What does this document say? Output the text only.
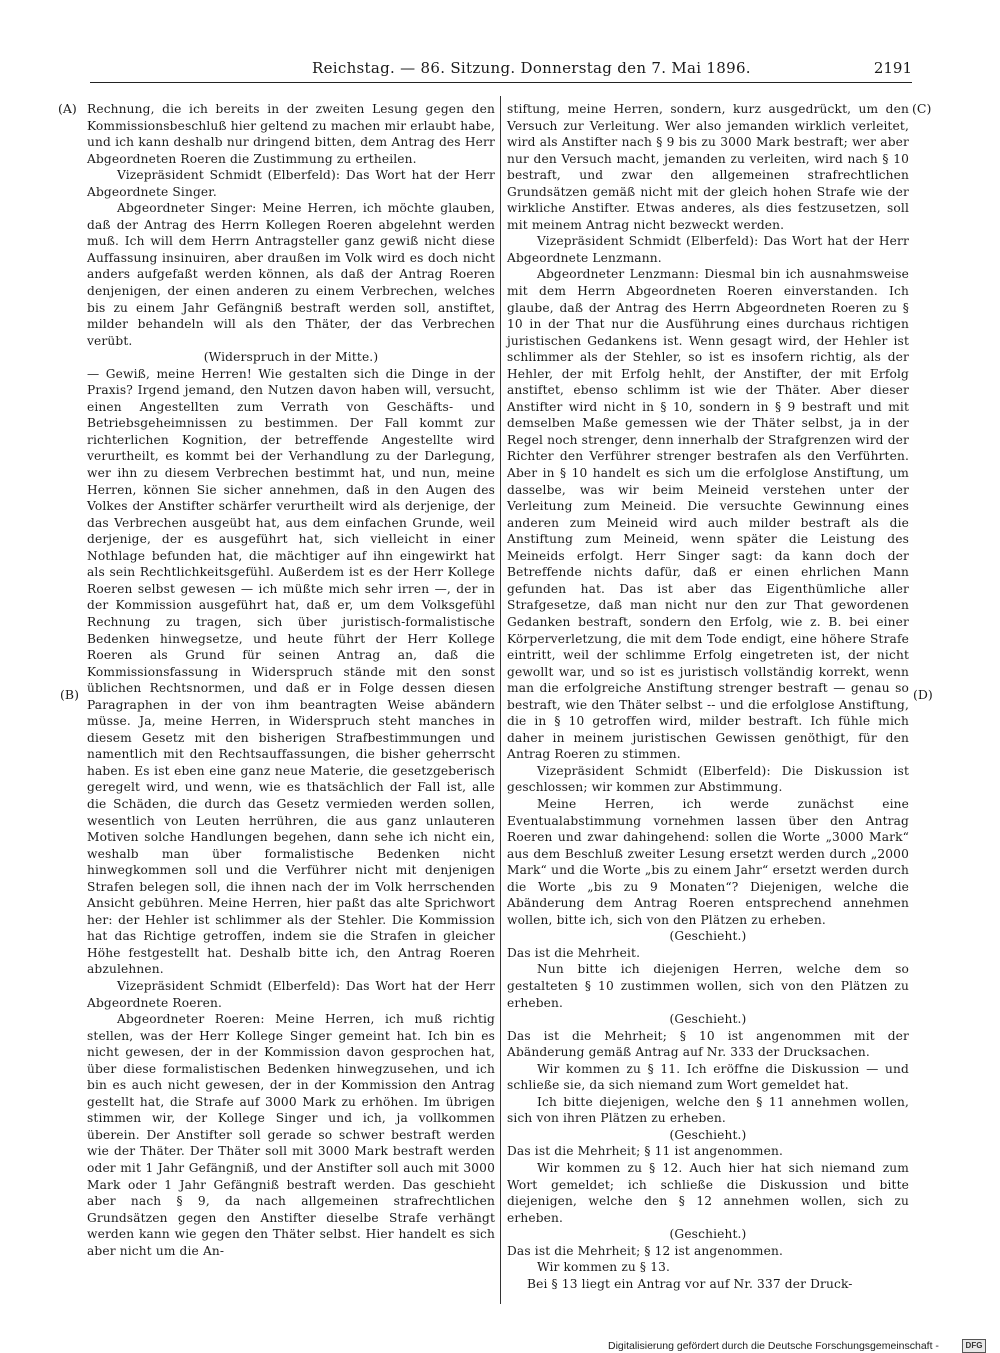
Reichstag. — 86. Sitzung. Donnerstag den 7. Mai 1896.	2191
(A)
(B)
(C)
(D)

Rechnung, die ich bereits in der zweiten Lesung gegen den Kommissionsbeschluß hier geltend zu machen mir erlaubt habe, und ich kann deshalb nur dringend bitten, dem Antrag des Herr Abgeordneten Roeren die Zustimmung zu ertheilen.

Vizepräsident Schmidt (Elberfeld): Das Wort hat der Herr Abgeordnete Singer.

Abgeordneter Singer: Meine Herren, ich möchte glauben, daß der Antrag des Herrn Kollegen Roeren abgelehnt werden muß. Ich will dem Herrn Antragsteller ganz gewiß nicht diese Auffassung insinuiren, aber draußen im Volk wird es doch nicht anders aufgefaßt werden können, als daß der Antrag Roeren denjenigen, der einen anderen zu einem Verbrechen, welches bis zu einem Jahr Gefängniß bestraft werden soll, anstiftet, milder behandeln will als den Thäter, der das Verbrechen verübt.

(Widerspruch in der Mitte.)

— Gewiß, meine Herren! Wie gestalten sich die Dinge in der Praxis? Irgend jemand, den Nutzen davon haben will, versucht, einen Angestellten zum Verrath von Geschäfts- und Betriebsgeheimnissen zu bestimmen. Der Fall kommt zur richterlichen Kognition, der betreffende Angestellte wird verurtheilt, es kommt bei der Verhandlung zu der Darlegung, wer ihn zu diesem Verbrechen bestimmt hat, und nun, meine Herren, können Sie sicher annehmen, daß in den Augen des Volkes der Anstifter schärfer verurtheilt wird als derjenige, der das Verbrechen ausgeübt hat, aus dem einfachen Grunde, weil derjenige, der es ausgeführt hat, sich vielleicht in einer Nothlage befunden hat, die mächtiger auf ihn eingewirkt hat als sein Rechtlichkeitsgefühl. Außerdem ist es der Herr Kollege Roeren selbst gewesen — ich müßte mich sehr irren —, der in der Kommission ausgeführt hat, daß er, um dem Volksgefühl Rechnung zu tragen, sich über juristisch-formalistische Bedenken hinwegsetze, und heute führt der Herr Kollege Roeren als Grund für seinen Antrag an, daß die Kommissionsfassung in Widerspruch stände mit den sonst üblichen Rechtsnormen, und daß er in Folge dessen diesen Paragraphen in der von ihm beantragten Weise abändern müsse. Ja, meine Herren, in Widerspruch steht manches in diesem Gesetz mit den bisherigen Strafbestimmungen und namentlich mit den Rechtsauffassungen, die bisher geherrscht haben. Es ist eben eine ganz neue Materie, die gesetzgeberisch geregelt wird, und wenn, wie es thatsächlich der Fall ist, alle die Schäden, die durch das Gesetz vermieden werden sollen, wesentlich von Leuten herrühren, die aus ganz unlauteren Motiven solche Handlungen begehen, dann sehe ich nicht ein, weshalb man über formalistische Bedenken nicht hinwegkommen soll und die Verführer nicht mit denjenigen Strafen belegen soll, die ihnen nach der im Volk herrschenden Ansicht gebühren. Meine Herren, hier paßt das alte Sprichwort her: der Hehler ist schlimmer als der Stehler. Die Kommission hat das Richtige getroffen, indem sie die Strafen in gleicher Höhe festgestellt hat. Deshalb bitte ich, den Antrag Roeren abzulehnen.

Vizepräsident Schmidt (Elberfeld): Das Wort hat der Herr Abgeordnete Roeren.

Abgeordneter Roeren: Meine Herren, ich muß richtig stellen, was der Herr Kollege Singer gemeint hat. Ich bin es nicht gewesen, der in der Kommission davon gesprochen hat, über diese formalistischen Bedenken hinwegzusehen, und ich bin es auch nicht gewesen, der in der Kommission den Antrag gestellt hat, die Strafe auf 3000 Mark zu erhöhen. Im übrigen stimmen wir, der Kollege Singer und ich, ja vollkommen überein. Der Anstifter soll gerade so schwer bestraft werden wie der Thäter. Der Thäter soll mit 3000 Mark bestraft werden oder mit 1 Jahr Gefängniß, und der Anstifter soll auch mit 3000 Mark oder 1 Jahr Gefängniß bestraft werden. Das geschieht aber nach § 9, da nach allgemeinen strafrechtlichen Grundsätzen gegen den Anstifter dieselbe Strafe verhängt werden kann wie gegen den Thäter selbst. Hier handelt es sich aber nicht um die An-

stiftung, meine Herren, sondern, kurz ausgedrückt, um den Versuch zur Verleitung. Wer also jemanden wirklich verleitet, wird als Anstifter nach § 9 bis zu 3000 Mark bestraft; wer aber nur den Versuch macht, jemanden zu verleiten, wird nach § 10 bestraft, und zwar den allgemeinen strafrechtlichen Grundsätzen gemäß nicht mit der gleich hohen Strafe wie der wirkliche Anstifter. Etwas anderes, als dies festzusetzen, soll mit meinem Antrag nicht bezweckt werden.

Vizepräsident Schmidt (Elberfeld): Das Wort hat der Herr Abgeordnete Lenzmann.

Abgeordneter Lenzmann: Diesmal bin ich ausnahmsweise mit dem Herrn Abgeordneten Roeren einverstanden. Ich glaube, daß der Antrag des Herrn Abgeordneten Roeren zu § 10 in der That nur die Ausführung eines durchaus richtigen juristischen Gedankens ist. Wenn gesagt wird, der Hehler ist schlimmer als der Stehler, so ist es insofern richtig, als der Hehler, der mit Erfolg hehlt, der Anstifter, der mit Erfolg anstiftet, ebenso schlimm ist wie der Thäter. Aber dieser Anstifter wird nicht in § 10, sondern in § 9 bestraft und mit demselben Maße gemessen wie der Thäter selbst, ja in der Regel noch strenger, denn innerhalb der Strafgrenzen wird der Richter den Verführer strenger bestrafen als den Verführten. Aber in § 10 handelt es sich um die erfolglose Anstiftung, um dasselbe, was wir beim Meineid verstehen unter der Verleitung zum Meineid. Die versuchte Gewinnung eines anderen zum Meineid wird auch milder bestraft als die Anstiftung zum Meineid, wenn später die Leistung des Meineids erfolgt. Herr Singer sagt: da kann doch der Betreffende nichts dafür, daß er einen ehrlichen Mann gefunden hat. Das ist aber das Eigenthümliche aller Strafgesetze, daß man nicht nur den zur That gewordenen Gedanken bestraft, sondern den Erfolg, wie z. B. bei einer Körperverletzung, die mit dem Tode endigt, eine höhere Strafe eintritt, weil der schlimme Erfolg eingetreten ist, der nicht gewollt war, und so ist es juristisch vollständig korrekt, wenn man die erfolgreiche Anstiftung strenger bestraft — genau so bestraft, wie den Thäter selbst -- und die erfolglose Anstiftung, die in § 10 getroffen wird, milder bestraft. Ich fühle mich daher in meinem juristischen Gewissen genöthigt, für den Antrag Roeren zu stimmen.

Vizepräsident Schmidt (Elberfeld): Die Diskussion ist geschlossen; wir kommen zur Abstimmung.

Meine Herren, ich werde zunächst eine Eventualabstimmung vornehmen lassen über den Antrag Roeren und zwar dahingehend: sollen die Worte „3000 Mark“ aus dem Beschluß zweiter Lesung ersetzt werden durch „2000 Mark“ und die Worte „bis zu einem Jahr“ ersetzt werden durch die Worte „bis zu 9 Monaten“? Diejenigen, welche die Abänderung dem Antrag Roeren entsprechend annehmen wollen, bitte ich, sich von den Plätzen zu erheben.

(Geschieht.)

Das ist die Mehrheit.

Nun bitte ich diejenigen Herren, welche dem so gestalteten § 10 zustimmen wollen, sich von den Plätzen zu erheben.

(Geschieht.)

Das ist die Mehrheit; § 10 ist angenommen mit der Abänderung gemäß Antrag auf Nr. 333 der Drucksachen.

Wir kommen zu § 11. Ich eröffne die Diskussion — und schließe sie, da sich niemand zum Wort gemeldet hat.

Ich bitte diejenigen, welche den § 11 annehmen wollen, sich von ihren Plätzen zu erheben.

(Geschieht.)

Das ist die Mehrheit; § 11 ist angenommen.

Wir kommen zu § 12. Auch hier hat sich niemand zum Wort gemeldet; ich schließe die Diskussion und bitte diejenigen, welche den § 12 annehmen wollen, sich zu erheben.

(Geschieht.)

Das ist die Mehrheit; § 12 ist angenommen.

Wir kommen zu § 13.

Bei § 13 liegt ein Antrag vor auf Nr. 337 der Druck-

Digitalisierung gefördert durch die Deutsche Forschungsgemeinschaft -	DFG
